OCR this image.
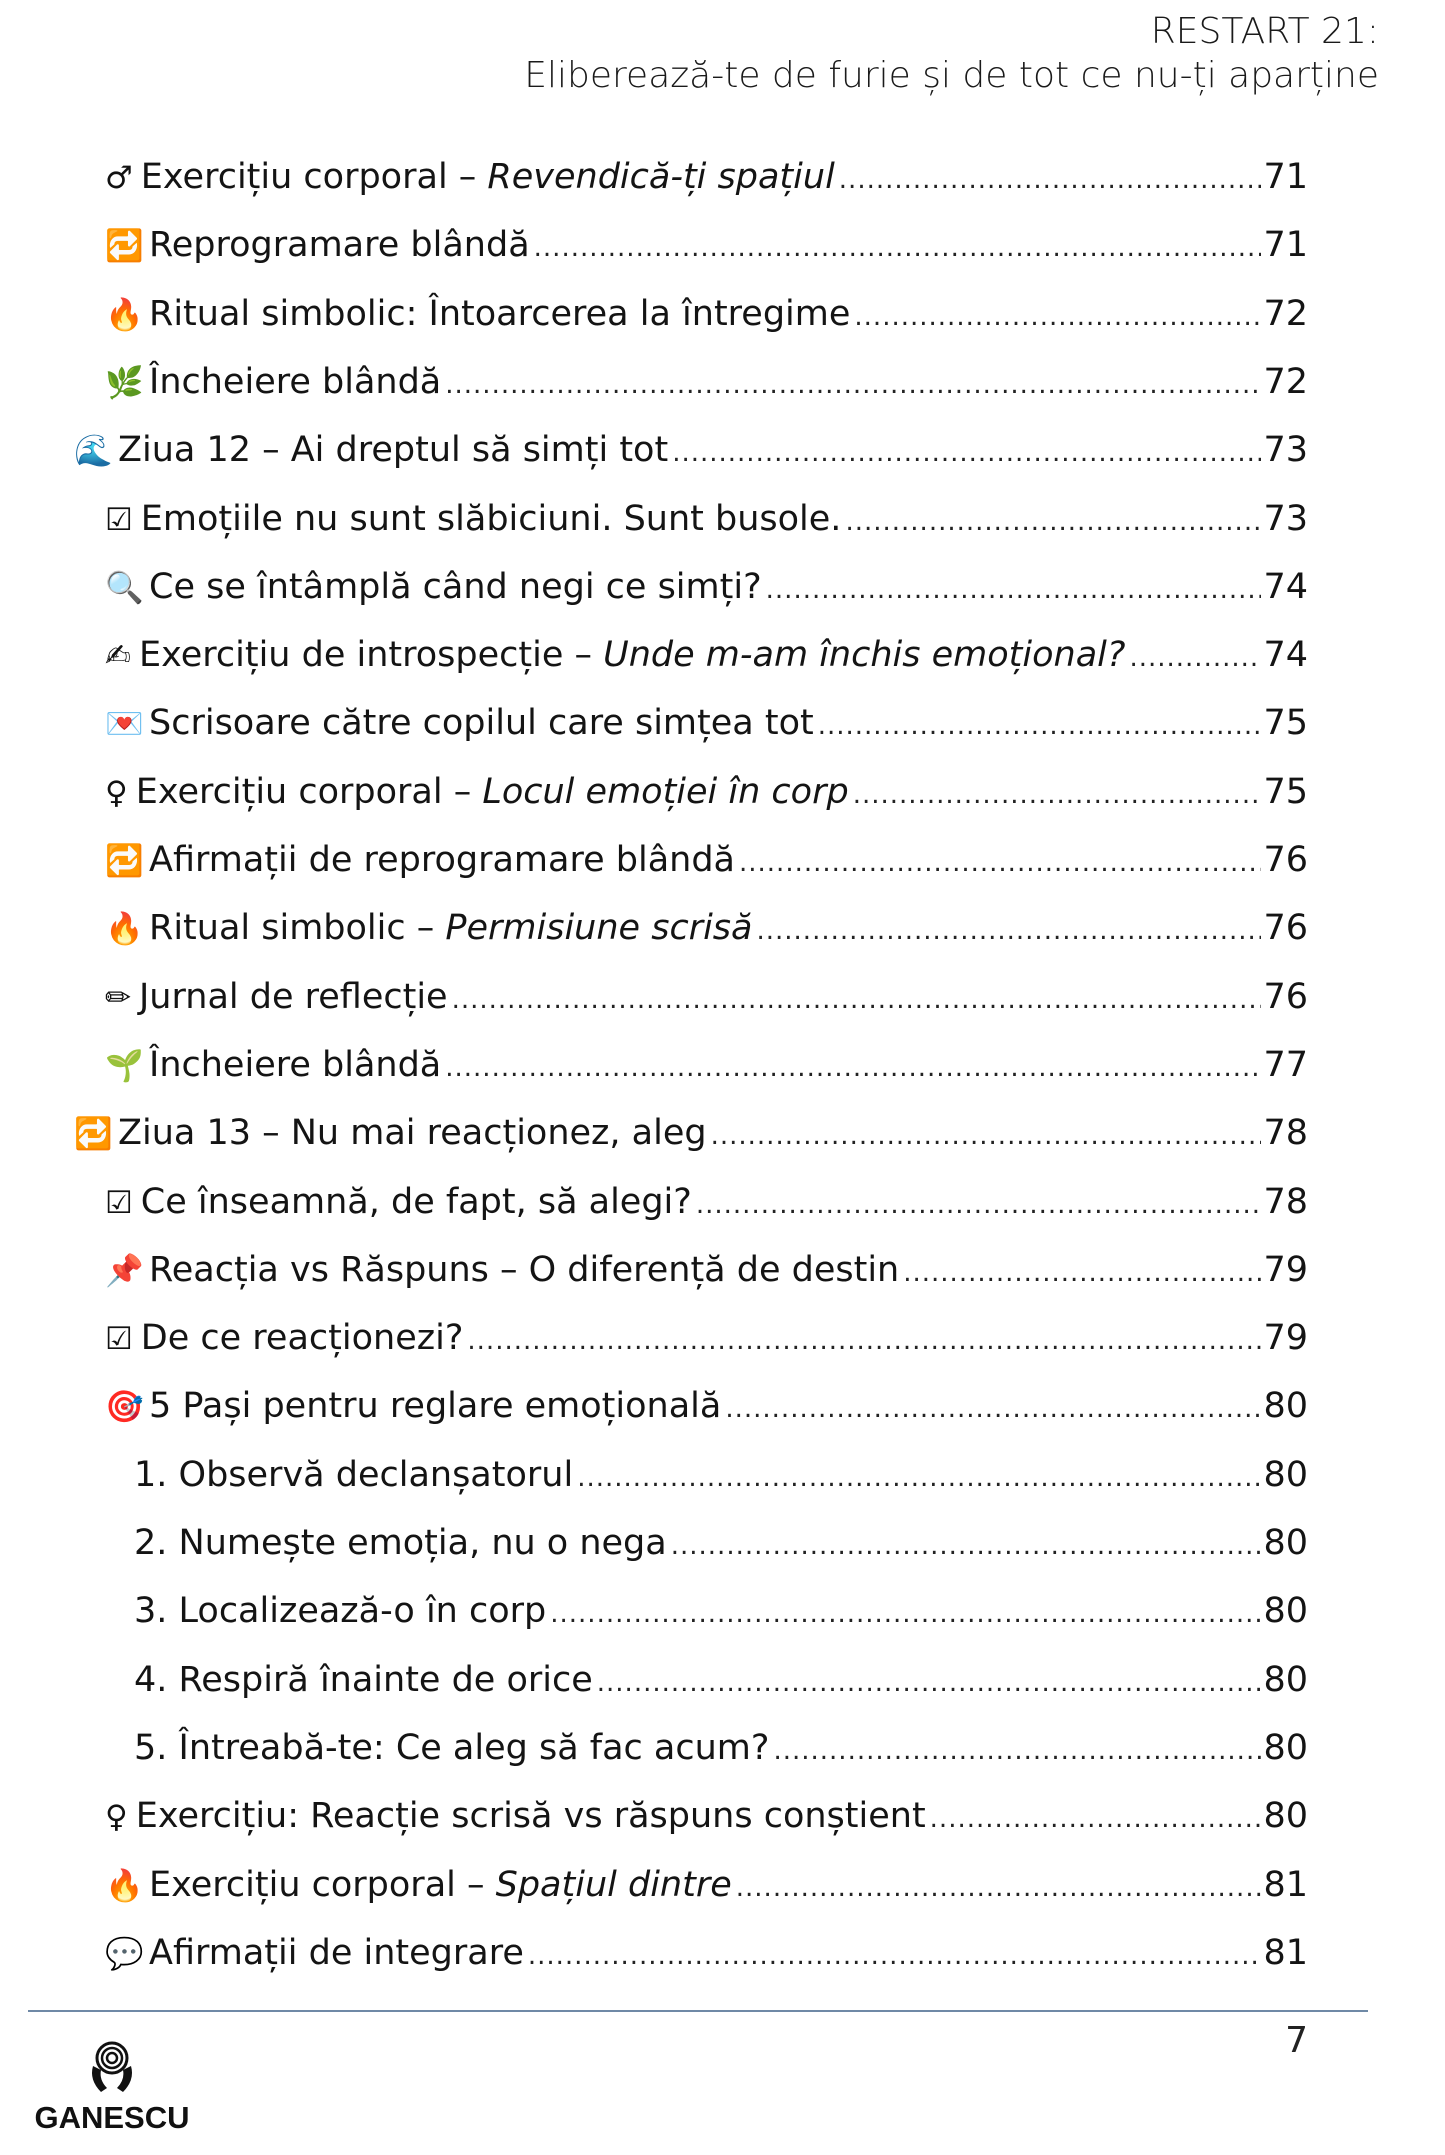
RESTART 21:
Eliberează-te de furie și de tot ce nu-ți aparține
♂ Exercițiu corporal – Revendică-ți spațiul .....	71
🔁 Reprogramare blândă .....	71
🔥 Ritual simbolic: Întoarcerea la întregime .....	72
🌿 Încheiere blândă .....	72
🌊 Ziua 12 – Ai dreptul să simți tot .....	73
☑ Emoțiile nu sunt slăbiciuni. Sunt busole. .....	73
🔍 Ce se întâmplă când negi ce simți? .....	74
✍ Exercițiu de introspecție – Unde m-am închis emoțional? .....	74
💌 Scrisoare către copilul care simțea tot .....	75
♀ Exercițiu corporal – Locul emoției în corp .....	75
🔁 Afirmații de reprogramare blândă .....	76
🔥 Ritual simbolic – Permisiune scrisă .....	76
✏ Jurnal de reflecție .....	76
🌱 Încheiere blândă .....	77
🔁 Ziua 13 – Nu mai reacționez, aleg .....	78
☑ Ce înseamnă, de fapt, să alegi? .....	78
📌 Reacția vs Răspuns – O diferență de destin .....	79
☑ De ce reacționezi? .....	79
🎯 5 Pași pentru reglare emoțională .....	80
1. Observă declanșatorul .....	80
2. Numește emoția, nu o nega .....	80
3. Localizează-o în corp .....	80
4. Respiră înainte de orice .....	80
5. Întreabă-te: Ce aleg să fac acum? .....	80
♀ Exercițiu: Reacție scrisă vs răspuns conștient .....	80
🔥 Exercițiu corporal – Spațiul dintre .....	81
💬 Afirmații de integrare .....	81
7
GANESCU
